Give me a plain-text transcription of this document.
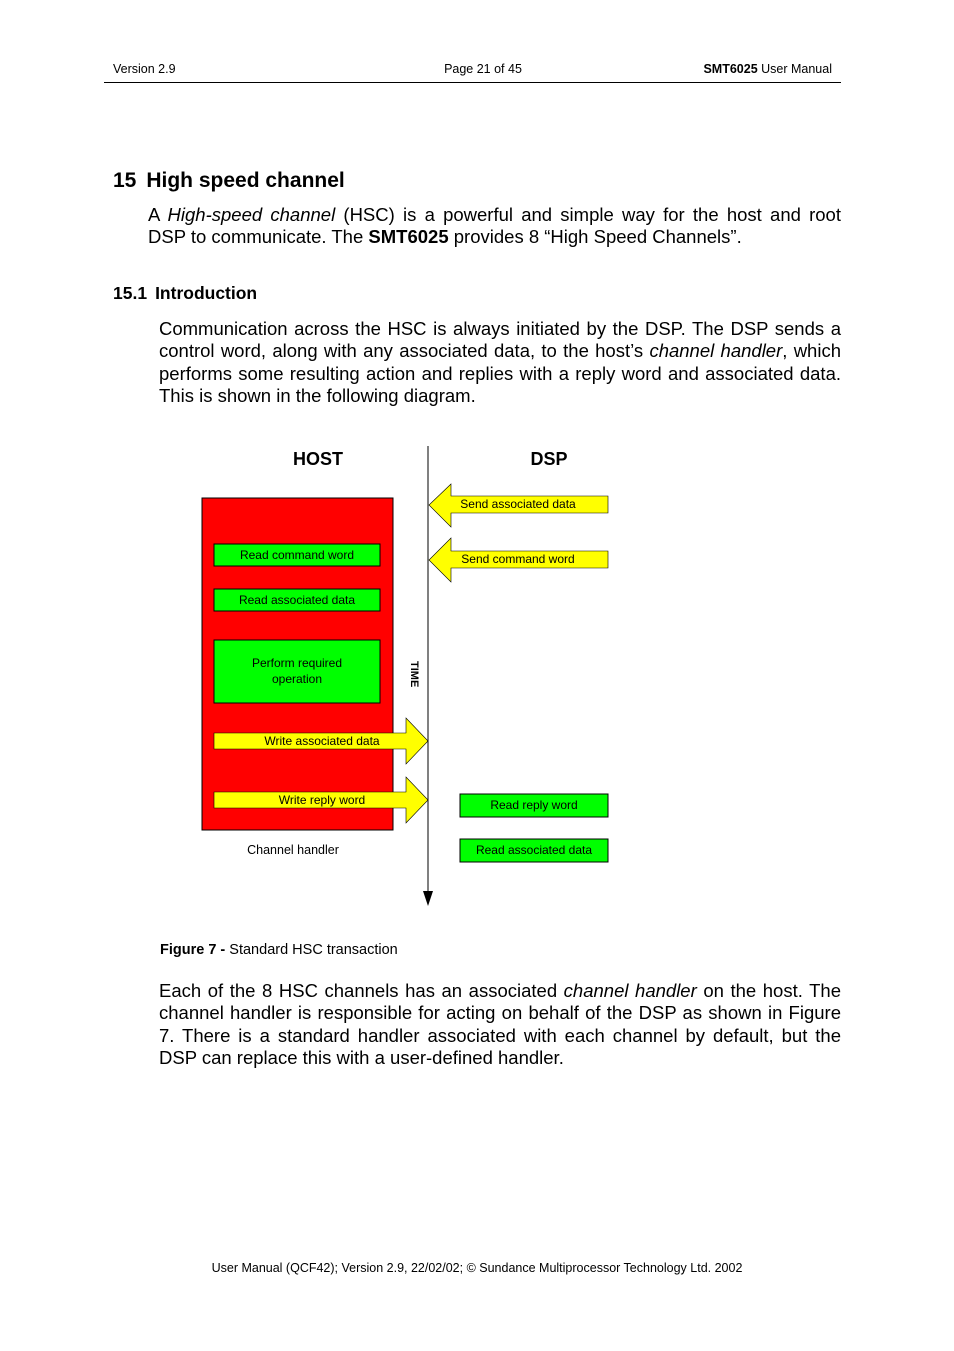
Version 2.9	Page 21 of 45	SMT6025 User Manual
15 High speed channel

A High-speed channel (HSC) is a powerful and simple way for the host and root DSP to communicate. The SMT6025 provides 8 “High Speed Channels”.

15.1 Introduction

Communication across the HSC is always initiated by the DSP. The DSP sends a control word, along with any associated data, to the host’s channel handler, which performs some resulting action and replies with a reply word and associated data. This is shown in the following diagram.

HOST	DSP
Read command word
Read associated data
Perform required
operation
Write associated data
Write reply word
Send associated data
Send command word
TIME
Read reply word
Read associated data
Channel handler
Figure 7 - Standard HSC transaction

Each of the 8 HSC channels has an associated channel handler on the host. The channel handler is responsible for acting on behalf of the DSP as shown in Figure 7. There is a standard handler associated with each channel by default, but the DSP can replace this with a user-defined handler.

User Manual (QCF42); Version 2.9, 22/02/02; © Sundance Multiprocessor Technology Ltd. 2002
